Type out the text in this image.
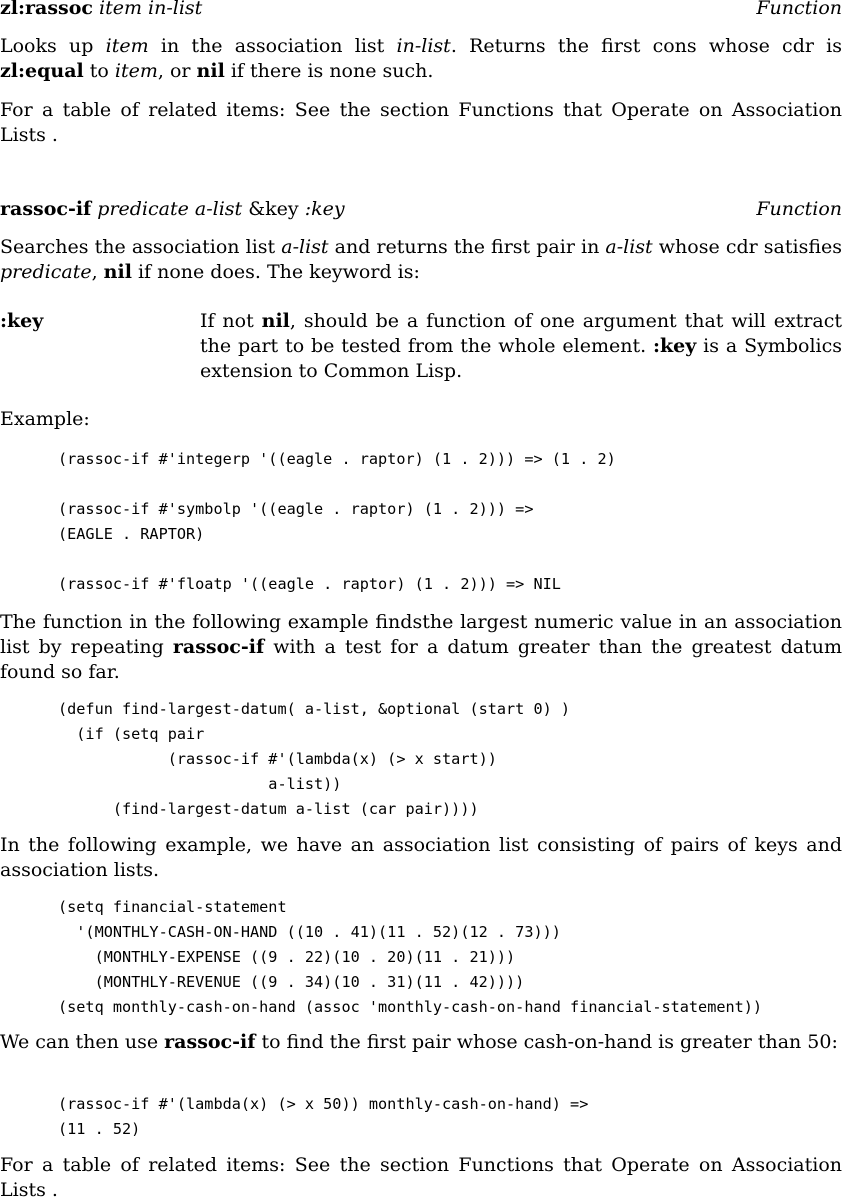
zl:rassoc item in-list	Function

Looks up item in the association list in-list. Returns the first cons whose cdr is zl:equal to item, or nil if there is none such.

For a table of related items: See the section Functions that Operate on Association Lists .

rassoc-if predicate a-list &key :key	Function

Searches the association list a-list and returns the first pair in a-list whose cdr satisfies predicate, nil if none does. The keyword is:

:key	If not nil, should be a function of one argument that will extract the part to be tested from the whole element. :key is a Symbolics extension to Common Lisp.

Example:

(rassoc-if #'integerp '((eagle . raptor) (1 . 2))) => (1 . 2)

(rassoc-if #'symbolp '((eagle . raptor) (1 . 2))) =>
(EAGLE . RAPTOR)

(rassoc-if #'floatp '((eagle . raptor) (1 . 2))) => NIL

The function in the following example findsthe largest numeric value in an association list by repeating rassoc-if with a test for a datum greater than the greatest datum found so far.

(defun find-largest-datum( a-list, &optional (start 0) )
(if (setq pair
(rassoc-if #'(lambda(x) (> x start))
a-list))
(find-largest-datum a-list (car pair))))

In the following example, we have an association list consisting of pairs of keys and association lists.

(setq financial-statement
'(MONTHLY-CASH-ON-HAND ((10 . 41)(11 . 52)(12 . 73)))
(MONTHLY-EXPENSE ((9 . 22)(10 . 20)(11 . 21)))
(MONTHLY-REVENUE ((9 . 34)(10 . 31)(11 . 42))))
(setq monthly-cash-on-hand (assoc 'monthly-cash-on-hand financial-statement))

We can then use rassoc-if to find the first pair whose cash-on-hand is greater than 50:

(rassoc-if #'(lambda(x) (> x 50)) monthly-cash-on-hand) =>
(11 . 52)

For a table of related items: See the section Functions that Operate on Association Lists .
